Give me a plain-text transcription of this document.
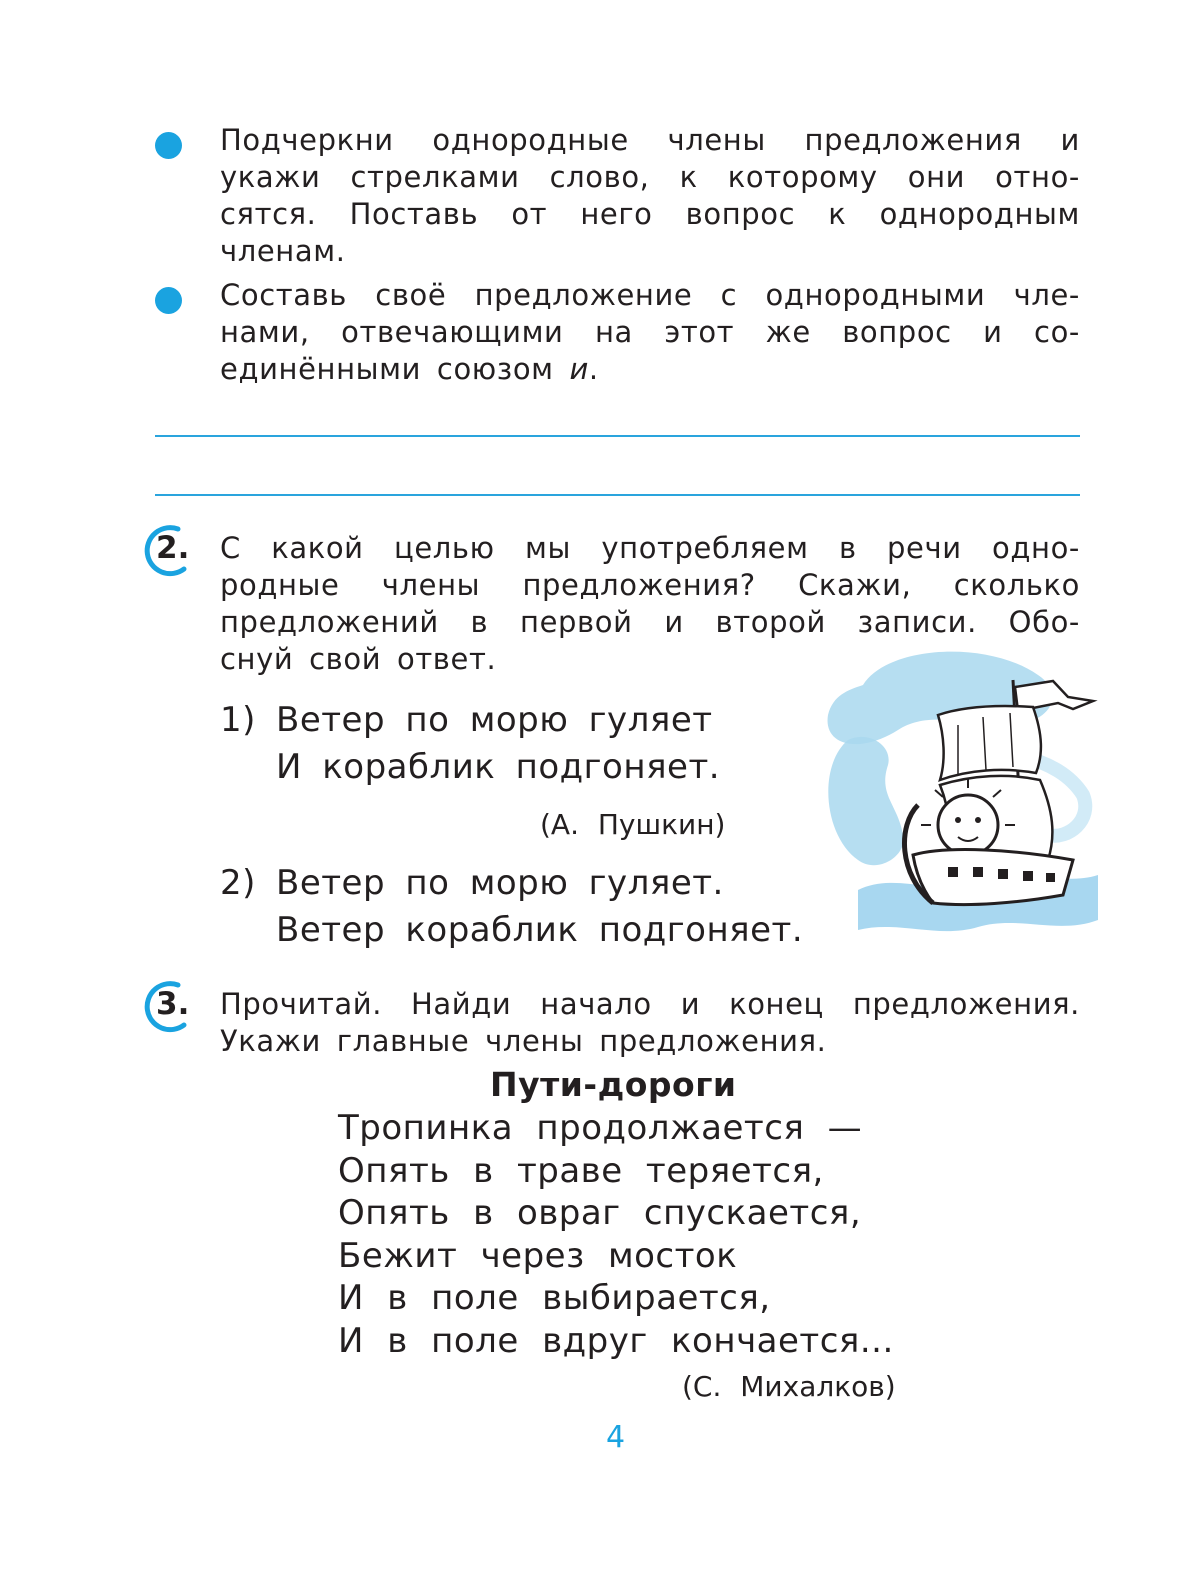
Подчеркни однородные члены предложения и
укажи стрелками слово, к которому они отно-
сятся. Поставь от него вопрос к однородным
членам.
Составь своё предложение с однородными чле-
нами, отвечающими на этот же вопрос и со-
единёнными союзом и.
2. С какой целью мы употребляем в речи одно-
родные члены предложения? Скажи, сколько
предложений в первой и второй записи. Обо-
снуй свой ответ.
1) Ветер по морю гуляет
И кораблик подгоняет.
(А. Пушкин)
2) Ветер по морю гуляет.
Ветер кораблик подгоняет.
3. Прочитай. Найди начало и конец предложения.
Укажи главные члены предложения.
Пути-дороги
Тропинка продолжается —
Опять в траве теряется,
Опять в овраг спускается,
Бежит через мосток
И в поле выбирается,
И в поле вдруг кончается...
(С. Михалков)
4
